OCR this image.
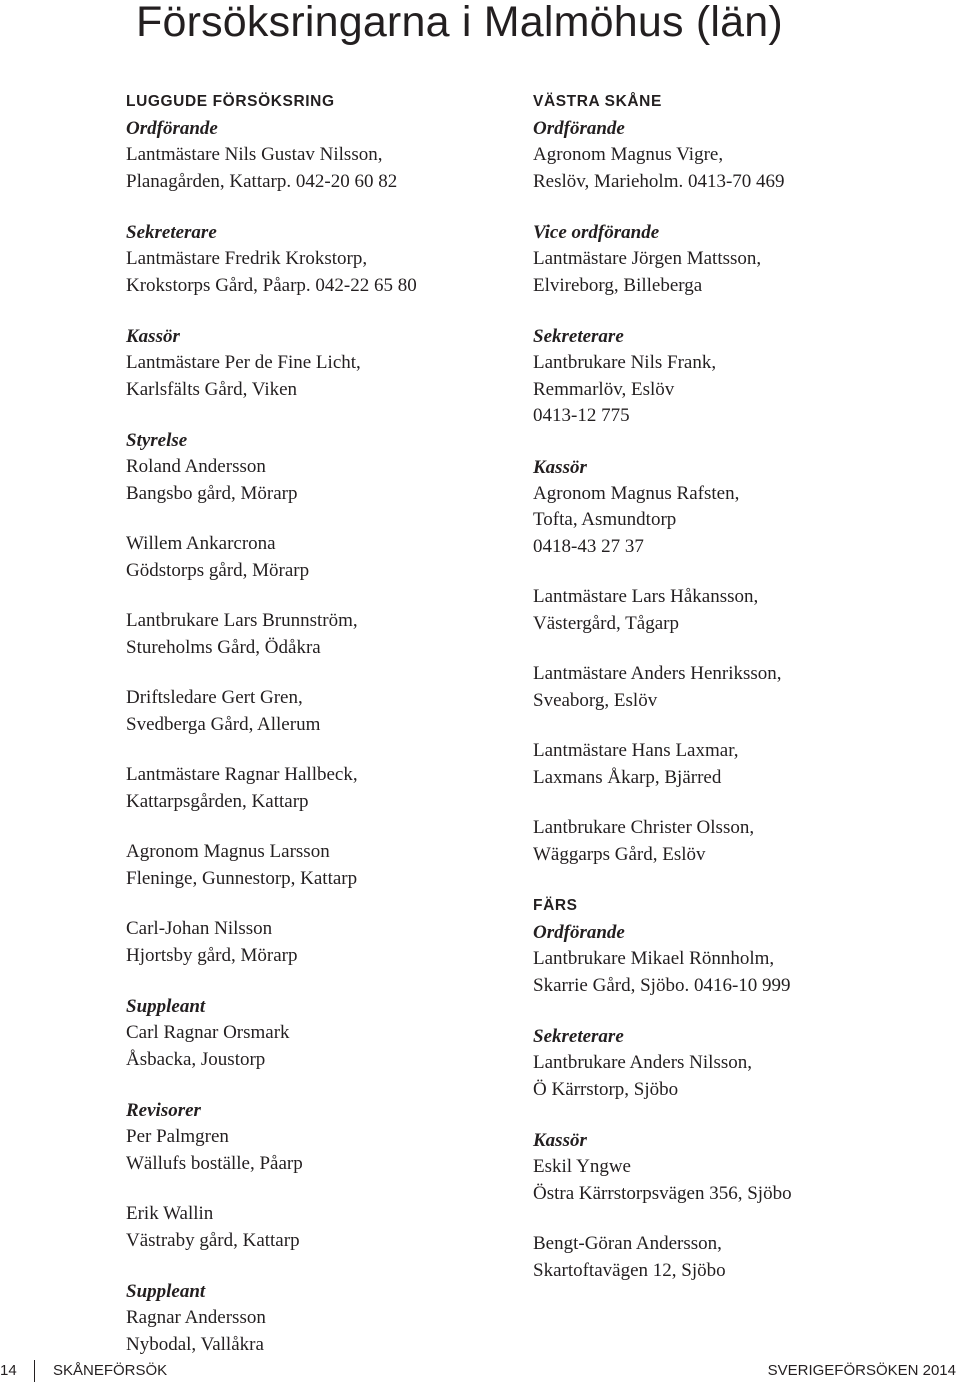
Försöksringarna i Malmöhus (län)
LUGGUDE FÖRSÖKSRING
Ordförande
Lantmästare Nils Gustav Nilsson,
Planagården, Kattarp. 042-20 60 82
Sekreterare
Lantmästare Fredrik Krokstorp,
Krokstorps Gård, Påarp. 042-22 65 80
Kassör
Lantmästare Per de Fine Licht,
Karlsfälts Gård, Viken
Styrelse
Roland Andersson
Bangsbo gård, Mörarp
Willem Ankarcrona
Gödstorps gård, Mörarp
Lantbrukare Lars Brunnström,
Stureholms Gård, Ödåkra
Driftsledare Gert Gren,
Svedberga Gård, Allerum
Lantmästare Ragnar Hallbeck,
Kattarpsgården, Kattarp
Agronom Magnus Larsson
Fleninge, Gunnestorp, Kattarp
Carl-Johan Nilsson
Hjortsby gård, Mörarp
Suppleant
Carl Ragnar Orsmark
Åsbacka, Joustorp
Revisorer
Per Palmgren
Wällufs boställe, Påarp
Erik Wallin
Västraby gård, Kattarp
Suppleant
Ragnar Andersson
Nybodal, Vallåkra
VÄSTRA SKÅNE
Ordförande
Agronom Magnus Vigre,
Reslöv, Marieholm. 0413-70 469
Vice ordförande
Lantmästare Jörgen Mattsson,
Elvireborg, Billeberga
Sekreterare
Lantbrukare Nils Frank,
Remmarlöv, Eslöv
0413-12 775
Kassör
Agronom Magnus Rafsten,
Tofta, Asmundtorp
0418-43 27 37
Lantmästare Lars Håkansson,
Västergård, Tågarp
Lantmästare Anders Henriksson,
Sveaborg, Eslöv
Lantmästare Hans Laxmar,
Laxmans Åkarp, Bjärred
Lantbrukare Christer Olsson,
Wäggarps Gård, Eslöv
FÄRS
Ordförande
Lantbrukare Mikael Rönnholm,
Skarrie Gård, Sjöbo. 0416-10 999
Sekreterare
Lantbrukare Anders Nilsson,
Ö Kärrstorp, Sjöbo
Kassör
Eskil Yngwe
Östra Kärrstorpsvägen 356, Sjöbo
Bengt-Göran Andersson,
Skartoftavägen 12, Sjöbo
14 SKÅNEFÖRSÖK	SVERIGEFÖRSÖKEN 2014
